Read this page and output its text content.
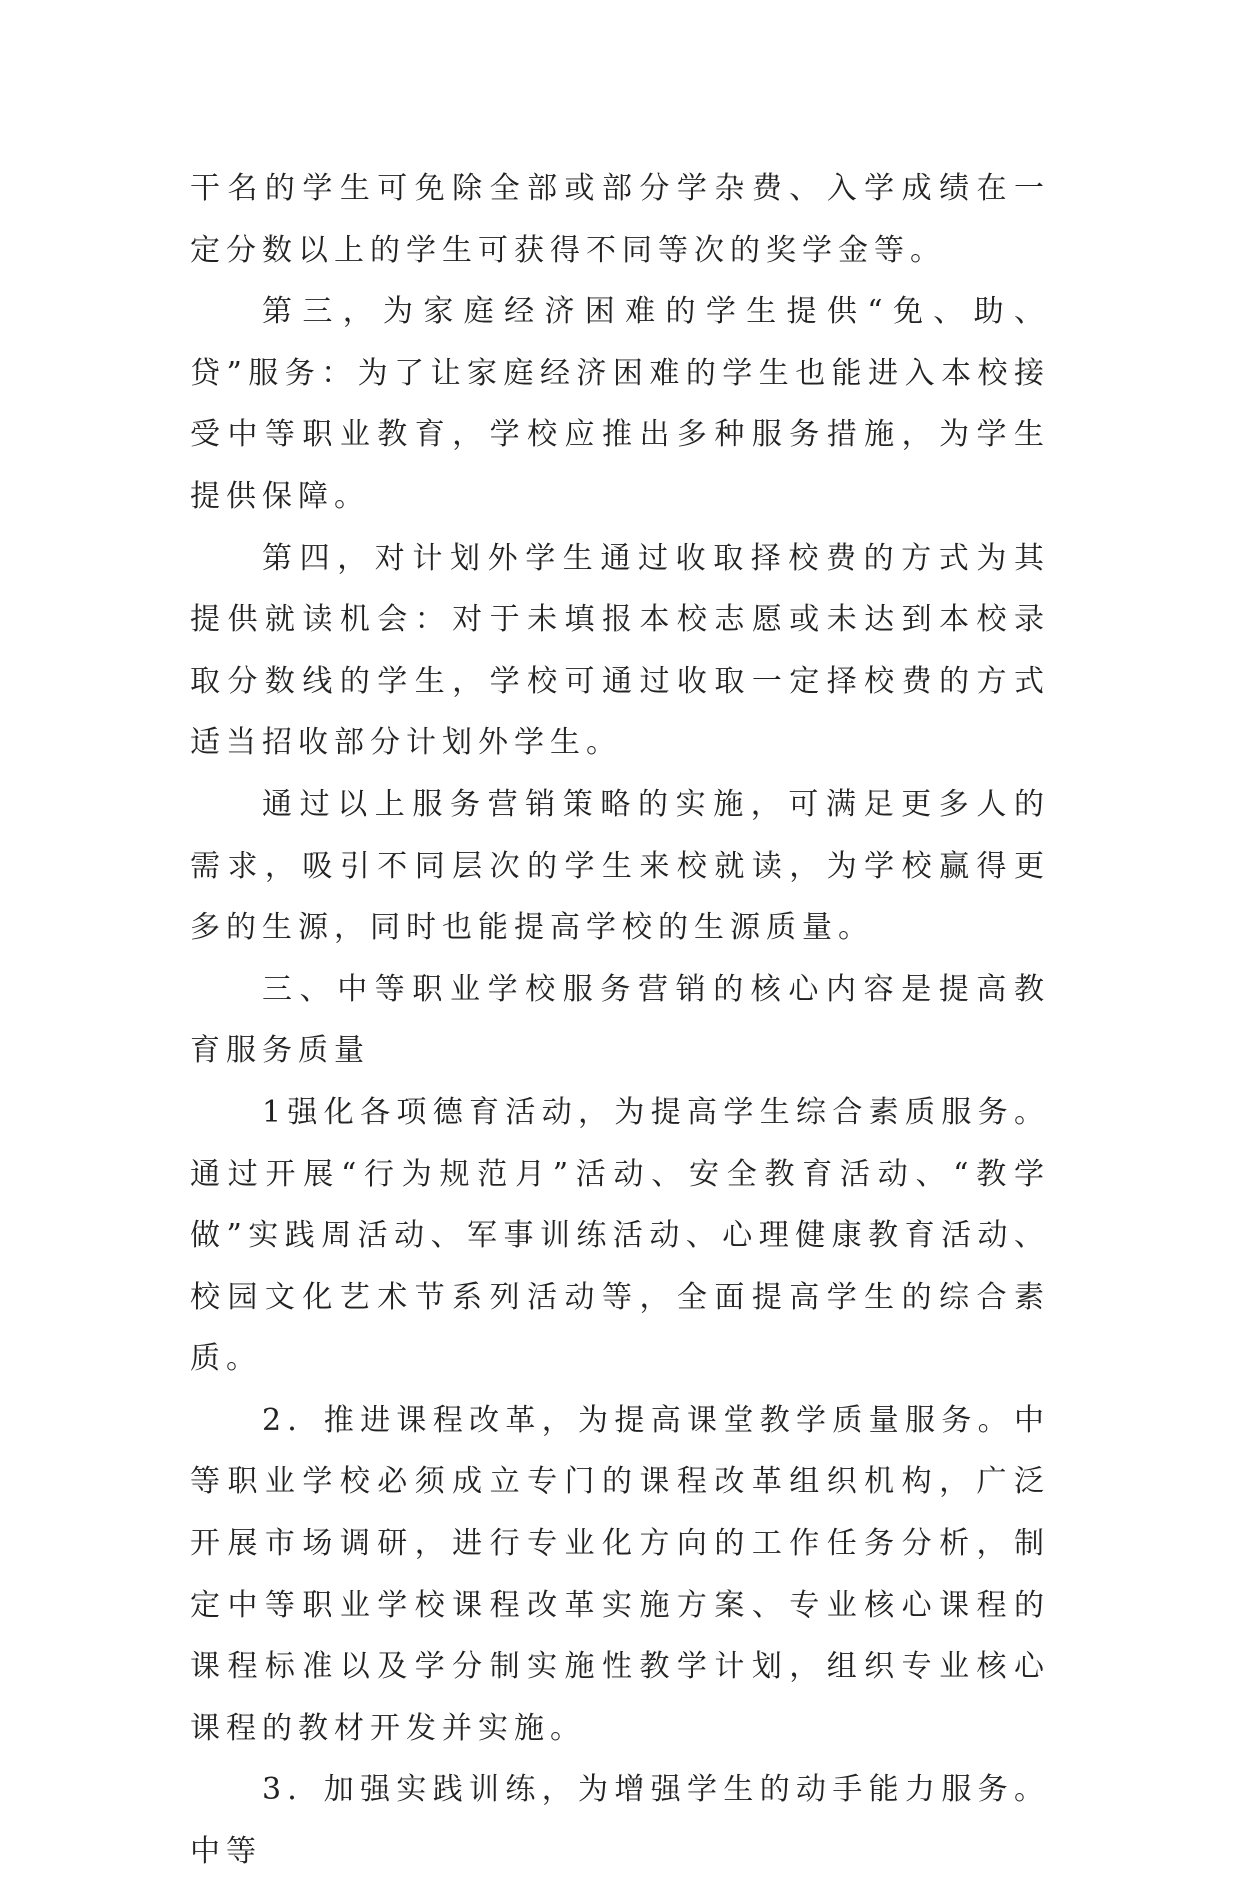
干名的学生可免除全部或部分学杂费、入学成绩在一定分数以上的学生可获得不同等次的奖学金等。

第三，为家庭经济困难的学生提供“免、助、贷”服务：为了让家庭经济困难的学生也能进入本校接受中等职业教育，学校应推出多种服务措施，为学生提供保障。

第四，对计划外学生通过收取择校费的方式为其提供就读机会：对于未填报本校志愿或未达到本校录取分数线的学生，学校可通过收取一定择校费的方式适当招收部分计划外学生。

通过以上服务营销策略的实施，可满足更多人的需求，吸引不同层次的学生来校就读，为学校赢得更多的生源，同时也能提高学校的生源质量。

三、中等职业学校服务营销的核心内容是提高教育服务质量

1强化各项德育活动，为提高学生综合素质服务。通过开展“行为规范月”活动、安全教育活动、“教学做”实践周活动、军事训练活动、心理健康教育活动、校园文化艺术节系列活动等，全面提高学生的综合素质。

2．推进课程改革，为提高课堂教学质量服务。中等职业学校必须成立专门的课程改革组织机构，广泛开展市场调研，进行专业化方向的工作任务分析，制定中等职业学校课程改革实施方案、专业核心课程的课程标准以及学分制实施性教学计划，组织专业核心课程的教材开发并实施。

3．加强实践训练，为增强学生的动手能力服务。中等
